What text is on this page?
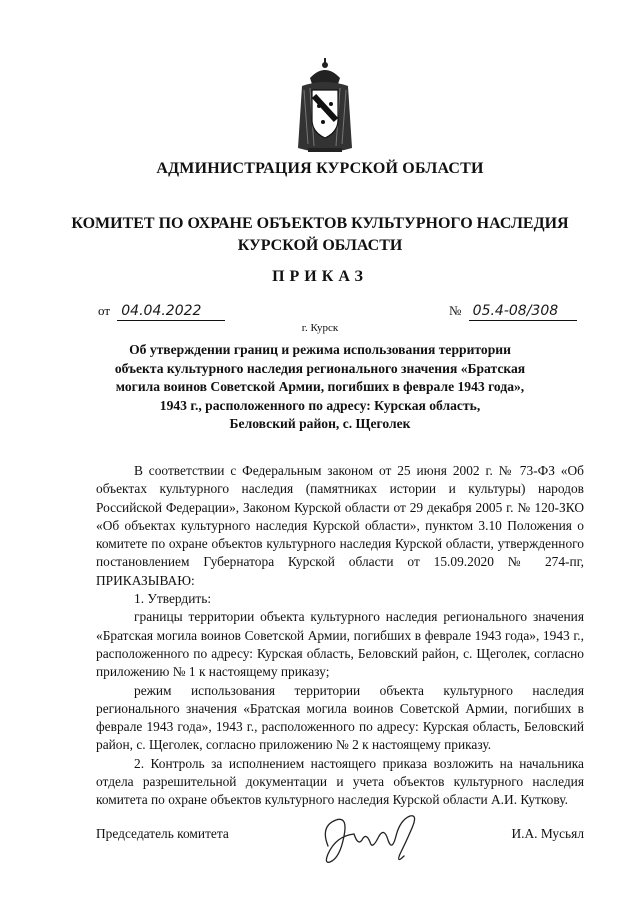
АДМИНИСТРАЦИЯ КУРСКОЙ ОБЛАСТИ
КОМИТЕТ ПО ОХРАНЕ ОБЪЕКТОВ КУЛЬТУРНОГО НАСЛЕДИЯ
КУРСКОЙ ОБЛАСТИ
ПРИКАЗ
от 04.04.2022	№ 05.4-08/308
г. Курск
Об утверждении границ и режима использования территории
объекта культурного наследия регионального значения «Братская
могила воинов Советской Армии, погибших в феврале 1943 года»,
1943 г., расположенного по адресу: Курская область,
Беловский район, с. Щеголек

В соответствии с Федеральным законом от 25 июня 2002 г. № 73-ФЗ «Об объектах культурного наследия (памятниках истории и культуры) народов Российской Федерации», Законом Курской области от 29 декабря 2005 г. № 120-ЗКО «Об объектах культурного наследия Курской области», пунктом 3.10 Положения о комитете по охране объектов культурного наследия Курской области, утвержденного постановлением Губернатора Курской области от 15.09.2020 № 274-пг, ПРИКАЗЫВАЮ:

1. Утвердить:

границы территории объекта культурного наследия регионального значения «Братская могила воинов Советской Армии, погибших в феврале 1943 года», 1943 г., расположенного по адресу: Курская область, Беловский район, с. Щеголек, согласно приложению № 1 к настоящему приказу;

режим использования территории объекта культурного наследия регионального значения «Братская могила воинов Советской Армии, погибших в феврале 1943 года», 1943 г., расположенного по адресу: Курская область, Беловский район, с. Щеголек, согласно приложению № 2 к настоящему приказу.

2. Контроль за исполнением настоящего приказа возложить на начальника отдела разрешительной документации и учета объектов культурного наследия комитета по охране объектов культурного наследия Курской области А.И. Куткову.

Председатель комитета	И.А. Мусьял
